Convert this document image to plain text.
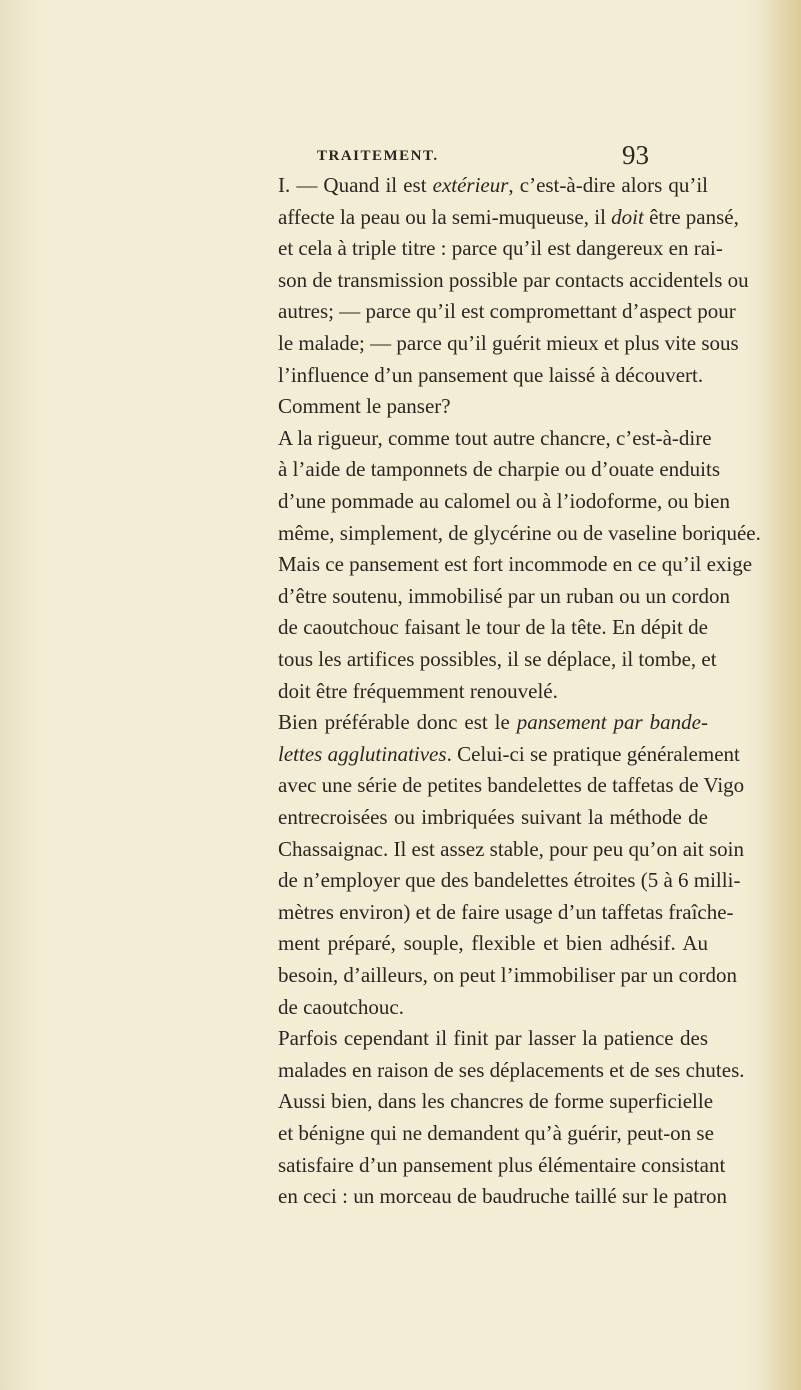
TRAITEMENT.	93
I. — Quand il est extérieur, c’est-à-dire alors qu’il
affecte la peau ou la semi-muqueuse, il doit être pansé,
et cela à triple titre : parce qu’il est dangereux en rai-
son de transmission possible par contacts accidentels ou
autres; — parce qu’il est compromettant d’aspect pour
le malade; — parce qu’il guérit mieux et plus vite sous
l’influence d’un pansement que laissé à découvert.
Comment le panser?
A la rigueur, comme tout autre chancre, c’est-à-dire
à l’aide de tamponnets de charpie ou d’ouate enduits
d’une pommade au calomel ou à l’iodoforme, ou bien
même, simplement, de glycérine ou de vaseline boriquée.
Mais ce pansement est fort incommode en ce qu’il exige
d’être soutenu, immobilisé par un ruban ou un cordon
de caoutchouc faisant le tour de la tête. En dépit de
tous les artifices possibles, il se déplace, il tombe, et
doit être fréquemment renouvelé.
Bien préférable donc est le pansement par bande-
lettes agglutinatives. Celui-ci se pratique généralement
avec une série de petites bandelettes de taffetas de Vigo
entrecroisées ou imbriquées suivant la méthode de
Chassaignac. Il est assez stable, pour peu qu’on ait soin
de n’employer que des bandelettes étroites (5 à 6 milli-
mètres environ) et de faire usage d’un taffetas fraîche-
ment préparé, souple, flexible et bien adhésif. Au
besoin, d’ailleurs, on peut l’immobiliser par un cordon
de caoutchouc.
Parfois cependant il finit par lasser la patience des
malades en raison de ses déplacements et de ses chutes.
Aussi bien, dans les chancres de forme superficielle
et bénigne qui ne demandent qu’à guérir, peut-on se
satisfaire d’un pansement plus élémentaire consistant
en ceci : un morceau de baudruche taillé sur le patron
